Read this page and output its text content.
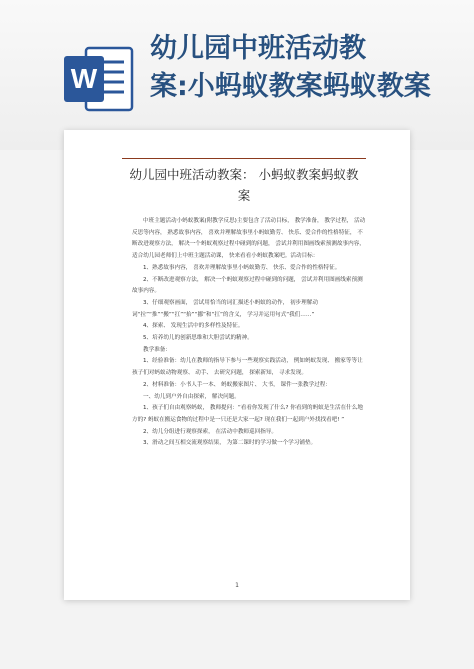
W
幼儿园中班活动教
案:小蚂蚁教案蚂蚁教案
幼儿园中班活动教案： 小蚂蚁教案蚂蚁教
案

中班主题活动小蚂蚁教案(附教学反思)主要包含了活动目标， 教学准备， 教学过程， 活动反思等内容， 熟悉故事内容， 喜欢并理解故事里小蚂蚁勤劳、 快乐、爱合作的性格特征， 不断改进观察方法， 解决一个蚂蚁观察过程中碰到的问题， 尝试并利用图画线索预测故事内容， 适合幼儿园老师们上中班主题活动课， 快来看看小蚂蚁教案吧。活动目标：

1、熟悉故事内容， 喜欢并理解故事里小蚂蚁勤劳、 快乐、爱合作的性格特征。

2、不断改进观察方法， 解决一个蚂蚁观察过程中碰到的问题， 尝试并利用图画线索预测故事内容。

3、仔细观察画面， 尝试用恰当的词汇描述小蚂蚁的动作， 初步理解动词“拉”“推”“搬”“扛”“抬”“挪”和“扛”的含义， 学习并运用句式“我们……”

4、探索、 发现生活中的多样性及特征。

5、培养幼儿的创新思维和大胆尝试的精神。

教学准备：

1、经验准备：幼儿在教师的指导下参与一些观察实践活动， 例如蚂蚁发现、 搬家等等让孩子们对蚂蚁动物观察、 动手、 去研究问题， 探索新知， 寻求发现。

2、材料准备：小书人手一本、 蚂蚁搬家图片、 大书， 课件一张教学过程：

一、幼儿到户外自由探索， 解决问题。

1、孩子们自由观察蚂蚁， 教师提问：“看看你发现了什么? 你看到的蚂蚁是生活在什么地方的? 蚂蚁在搬运食物的过程中是一只还是大家一起? 现在我们一起到户外找找看吧! ”

2、幼儿分组进行观察探索， 在活动中教师巡回指导。

3、滑动之间互相交流观察结果， 为第二课时的学习做一个学习铺垫。

1
